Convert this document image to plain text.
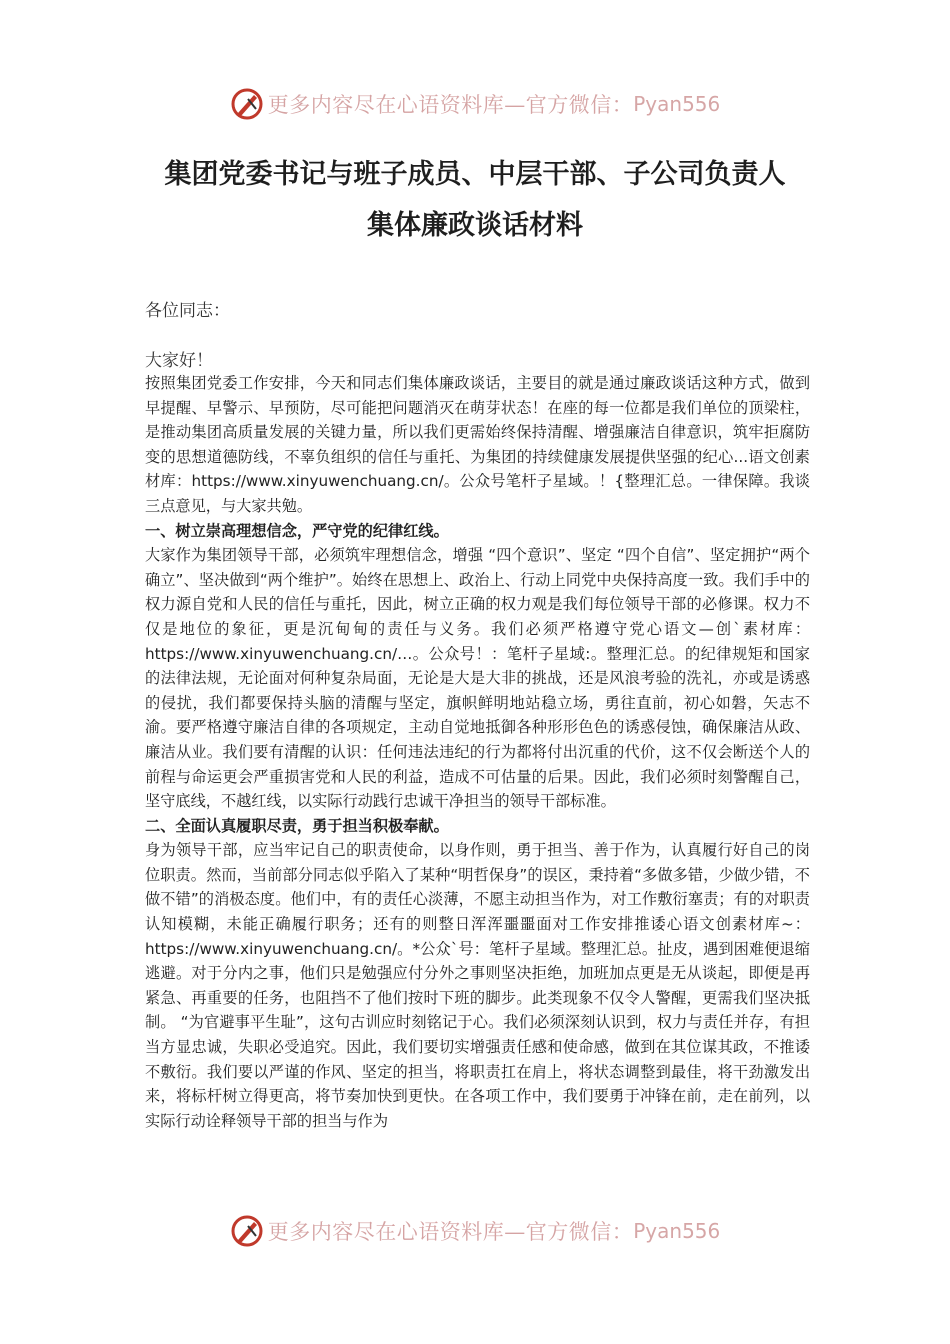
更多内容尽在心语资料库—官方微信： Pyan556
集团党委书记与班子成员、中层干部、子公司负责人
集体廉政谈话材料
各位同志：
大家好！

按照集团党委工作安排，今天和同志们集体廉政谈话，主要目的就是通过廉政谈话这种方式，做到早提醒、早警示、早预防，尽可能把问题消灭在萌芽状态！在座的每一位都是我们单位的顶梁柱，是推动集团高质量发展的关键力量，所以我们更需始终保持清醒、增强廉洁自律意识，筑牢拒腐防变的思想道德防线，不辜负组织的信任与重托、为集团的持续健康发展提供坚强的纪心...语文创素材库：https://www.xinyuwenchuang.cn/。公众号笔杆子星域。！{整理汇总。一律保障。我谈三点意见，与大家共勉。

一、树立崇高理想信念，严守党的纪律红线。

大家作为集团领导干部，必须筑牢理想信念，增强 “四个意识”、坚定 “四个自信”、坚定拥护“两个确立”、坚决做到“两个维护”。始终在思想上、政治上、行动上同党中央保持高度一致。我们手中的权力源自党和人民的信任与重托，因此，树立正确的权力观是我们每位领导干部的必修课。权力不仅是地位的象征，更是沉甸甸的责任与义务。我们必须严格遵守党心语文—创`素材库：https://www.xinyuwenchuang.cn/…。公众号！：笔杆子星域:。整理汇总。的纪律规矩和国家的法律法规，无论面对何种复杂局面，无论是大是大非的挑战，还是风浪考验的洗礼，亦或是诱惑的侵扰，我们都要保持头脑的清醒与坚定，旗帜鲜明地站稳立场，勇往直前，初心如磐，矢志不渝。要严格遵守廉洁自律的各项规定，主动自觉地抵御各种形形色色的诱惑侵蚀，确保廉洁从政、廉洁从业。我们要有清醒的认识：任何违法违纪的行为都将付出沉重的代价，这不仅会断送个人的前程与命运更会严重损害党和人民的利益，造成不可估量的后果。因此，我们必须时刻警醒自己，坚守底线，不越红线，以实际行动践行忠诚干净担当的领导干部标准。

二、全面认真履职尽责，勇于担当积极奉献。

身为领导干部，应当牢记自己的职责使命，以身作则，勇于担当、善于作为，认真履行好自己的岗位职责。然而，当前部分同志似乎陷入了某种“明哲保身”的误区，秉持着“多做多错，少做少错，不做不错”的消极态度。他们中，有的责任心淡薄，不愿主动担当作为，对工作敷衍塞责；有的对职责认知模糊，未能正确履行职务；还有的则整日浑浑噩噩面对工作安排推诿心语文创素材库~：https://www.xinyuwenchuang.cn/。*公众`号：笔杆子星域。整理汇总。扯皮，遇到困难便退缩逃避。对于分内之事，他们只是勉强应付分外之事则坚决拒绝，加班加点更是无从谈起，即便是再紧急、再重要的任务，也阻挡不了他们按时下班的脚步。此类现象不仅令人警醒，更需我们坚决抵制。 “为官避事平生耻”，这句古训应时刻铭记于心。我们必须深刻认识到，权力与责任并存，有担当方显忠诚，失职必受追究。因此，我们要切实增强责任感和使命感，做到在其位谋其政，不推诿不敷衍。我们要以严谨的作风、坚定的担当，将职责扛在肩上，将状态调整到最佳，将干劲激发出来，将标杆树立得更高，将节奏加快到更快。在各项工作中，我们要勇于冲锋在前，走在前列，以实际行动诠释领导干部的担当与作为

更多内容尽在心语资料库—官方微信： Pyan556
